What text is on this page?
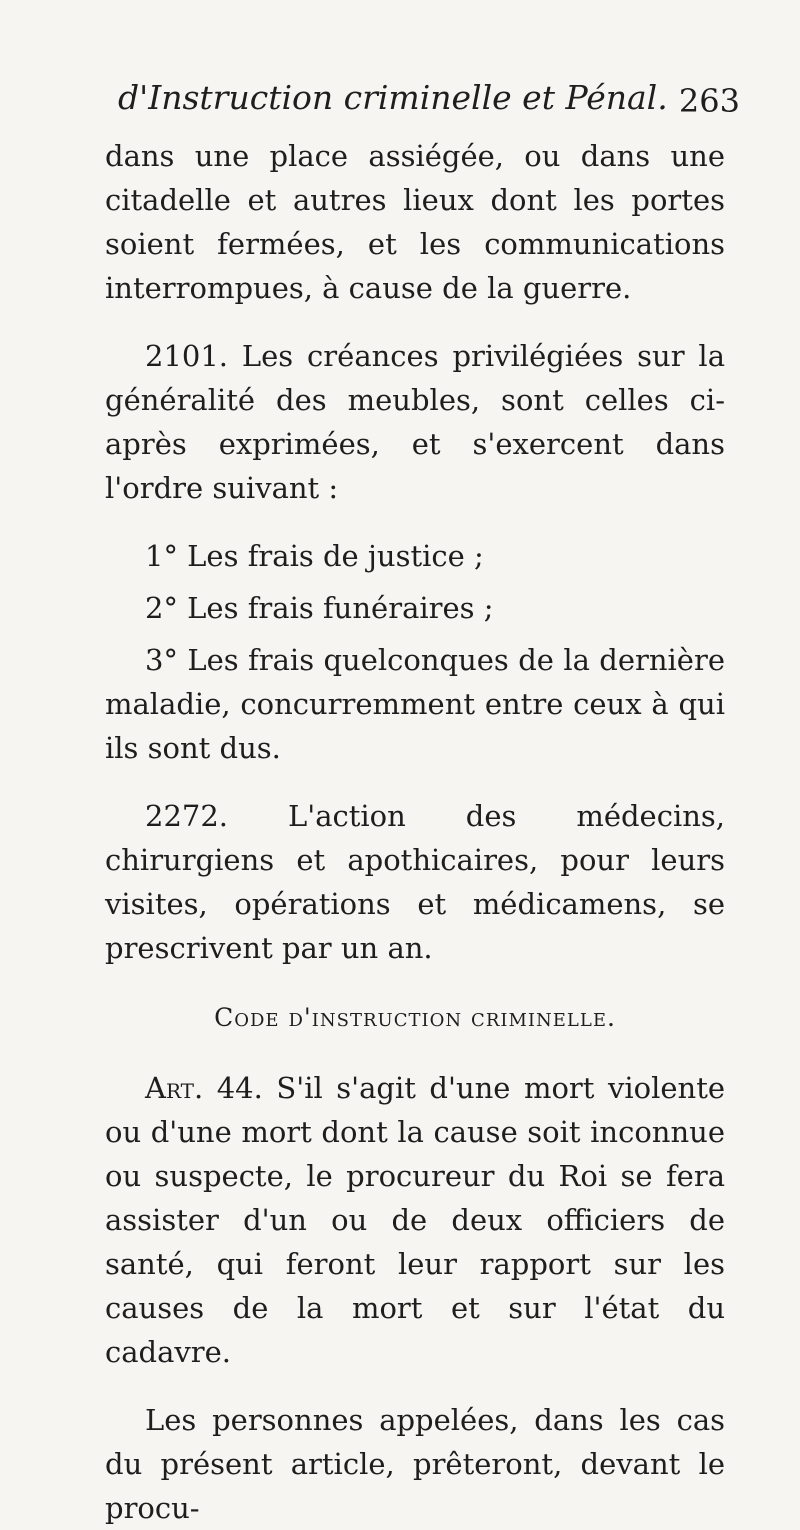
d'Instruction criminelle et Pénal. 263

dans une place assiégée, ou dans une citadelle et autres lieux dont les portes soient fermées, et les communications interrompues, à cause de la guerre.

2101. Les créances privilégiées sur la généralité des meubles, sont celles ci-après exprimées, et s'exercent dans l'ordre suivant :

1° Les frais de justice ;

2° Les frais funéraires ;

3° Les frais quelconques de la dernière maladie, concurremment entre ceux à qui ils sont dus.

2272. L'action des médecins, chirurgiens et apothicaires, pour leurs visites, opérations et médicamens, se prescrivent par un an.

Code d'instruction criminelle.

Art. 44. S'il s'agit d'une mort violente ou d'une mort dont la cause soit inconnue ou suspecte, le procureur du Roi se fera assister d'un ou de deux officiers de santé, qui feront leur rapport sur les causes de la mort et sur l'état du cadavre.

Les personnes appelées, dans les cas du présent article, prêteront, devant le procu-
